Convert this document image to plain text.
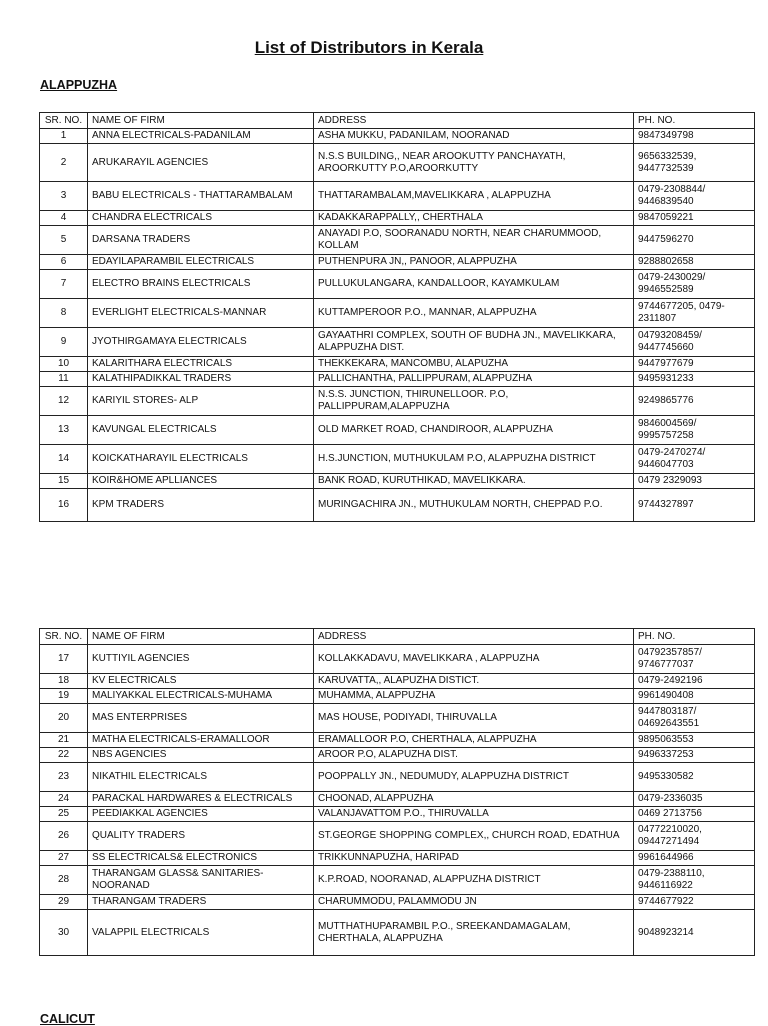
List of Distributors in Kerala
ALAPPUZHA
SR. NO.	NAME OF FIRM	ADDRESS	PH. NO.
1	ANNA ELECTRICALS-PADANILAM	ASHA MUKKU, PADANILAM, NOORANAD	9847349798
2	ARUKARAYIL AGENCIES	N.S.S BUILDING,, NEAR AROOKUTTY PANCHAYATH, AROORKUTTY P.O,AROORKUTTY	9656332539, 9447732539
3	BABU ELECTRICALS - THATTARAMBALAM	THATTARAMBALAM,MAVELIKKARA , ALAPPUZHA	0479-2308844/ 9446839540
4	CHANDRA ELECTRICALS	KADAKKARAPPALLY,, CHERTHALA	9847059221
5	DARSANA TRADERS	ANAYADI P.O, SOORANADU NORTH, NEAR CHARUMMOOD, KOLLAM	9447596270
6	EDAYILAPARAMBIL ELECTRICALS	PUTHENPURA JN,, PANOOR, ALAPPUZHA	9288802658
7	ELECTRO BRAINS ELECTRICALS	PULLUKULANGARA, KANDALLOOR, KAYAMKULAM	0479-2430029/ 9946552589
8	EVERLIGHT ELECTRICALS-MANNAR	KUTTAMPEROOR P.O., MANNAR, ALAPPUZHA	9744677205, 0479-2311807
9	JYOTHIRGAMAYA ELECTRICALS	GAYAATHRI COMPLEX, SOUTH OF BUDHA JN., MAVELIKKARA, ALAPPUZHA DIST.	04793208459/ 9447745660
10	KALARITHARA ELECTRICALS	THEKKEKARA, MANCOMBU, ALAPUZHA	9447977679
11	KALATHIPADIKKAL TRADERS	PALLICHANTHA, PALLIPPURAM, ALAPPUZHA	9495931233
12	KARIYIL STORES- ALP	N.S.S. JUNCTION, THIRUNELLOOR. P.O, PALLIPPURAM,ALAPPUZHA	9249865776
13	KAVUNGAL ELECTRICALS	OLD MARKET ROAD, CHANDIROOR, ALAPPUZHA	9846004569/ 9995757258
14	KOICKATHARAYIL ELECTRICALS	H.S.JUNCTION, MUTHUKULAM P.O, ALAPPUZHA DISTRICT	0479-2470274/ 9446047703
15	KOIR&HOME APLLIANCES	BANK ROAD, KURUTHIKAD, MAVELIKKARA.	0479 2329093
16	KPM TRADERS	MURINGACHIRA JN., MUTHUKULAM NORTH, CHEPPAD P.O.	9744327897
SR. NO.	NAME OF FIRM	ADDRESS	PH. NO.
17	KUTTIYIL AGENCIES	KOLLAKKADAVU, MAVELIKKARA , ALAPPUZHA	04792357857/ 9746777037
18	KV ELECTRICALS	KARUVATTA,, ALAPUZHA DISTICT.	0479-2492196
19	MALIYAKKAL ELECTRICALS-MUHAMA	MUHAMMA, ALAPPUZHA	9961490408
20	MAS ENTERPRISES	MAS HOUSE, PODIYADI, THIRUVALLA	9447803187/ 04692643551
21	MATHA ELECTRICALS-ERAMALLOOR	ERAMALLOOR P.O, CHERTHALA, ALAPPUZHA	9895063553
22	NBS AGENCIES	AROOR P.O, ALAPUZHA DIST.	9496337253
23	NIKATHIL ELECTRICALS	POOPPALLY JN., NEDUMUDY, ALAPPUZHA DISTRICT	9495330582
24	PARACKAL HARDWARES & ELECTRICALS	CHOONAD, ALAPPUZHA	0479-2336035
25	PEEDIAKKAL AGENCIES	VALANJAVATTOM P.O., THIRUVALLA	0469 2713756
26	QUALITY TRADERS	ST.GEORGE SHOPPING COMPLEX,, CHURCH ROAD, EDATHUA	04772210020, 09447271494
27	SS ELECTRICALS& ELECTRONICS	TRIKKUNNAPUZHA, HARIPAD	9961644966
28	THARANGAM GLASS& SANITARIES- NOORANAD	K.P.ROAD, NOORANAD, ALAPPUZHA DISTRICT	0479-2388110, 9446116922
29	THARANGAM TRADERS	CHARUMMODU, PALAMMODU JN	9744677922
30	VALAPPIL ELECTRICALS	MUTTHATHUPARAMBIL P.O., SREEKANDAMAGALAM, CHERTHALA, ALAPPUZHA	9048923214
CALICUT
